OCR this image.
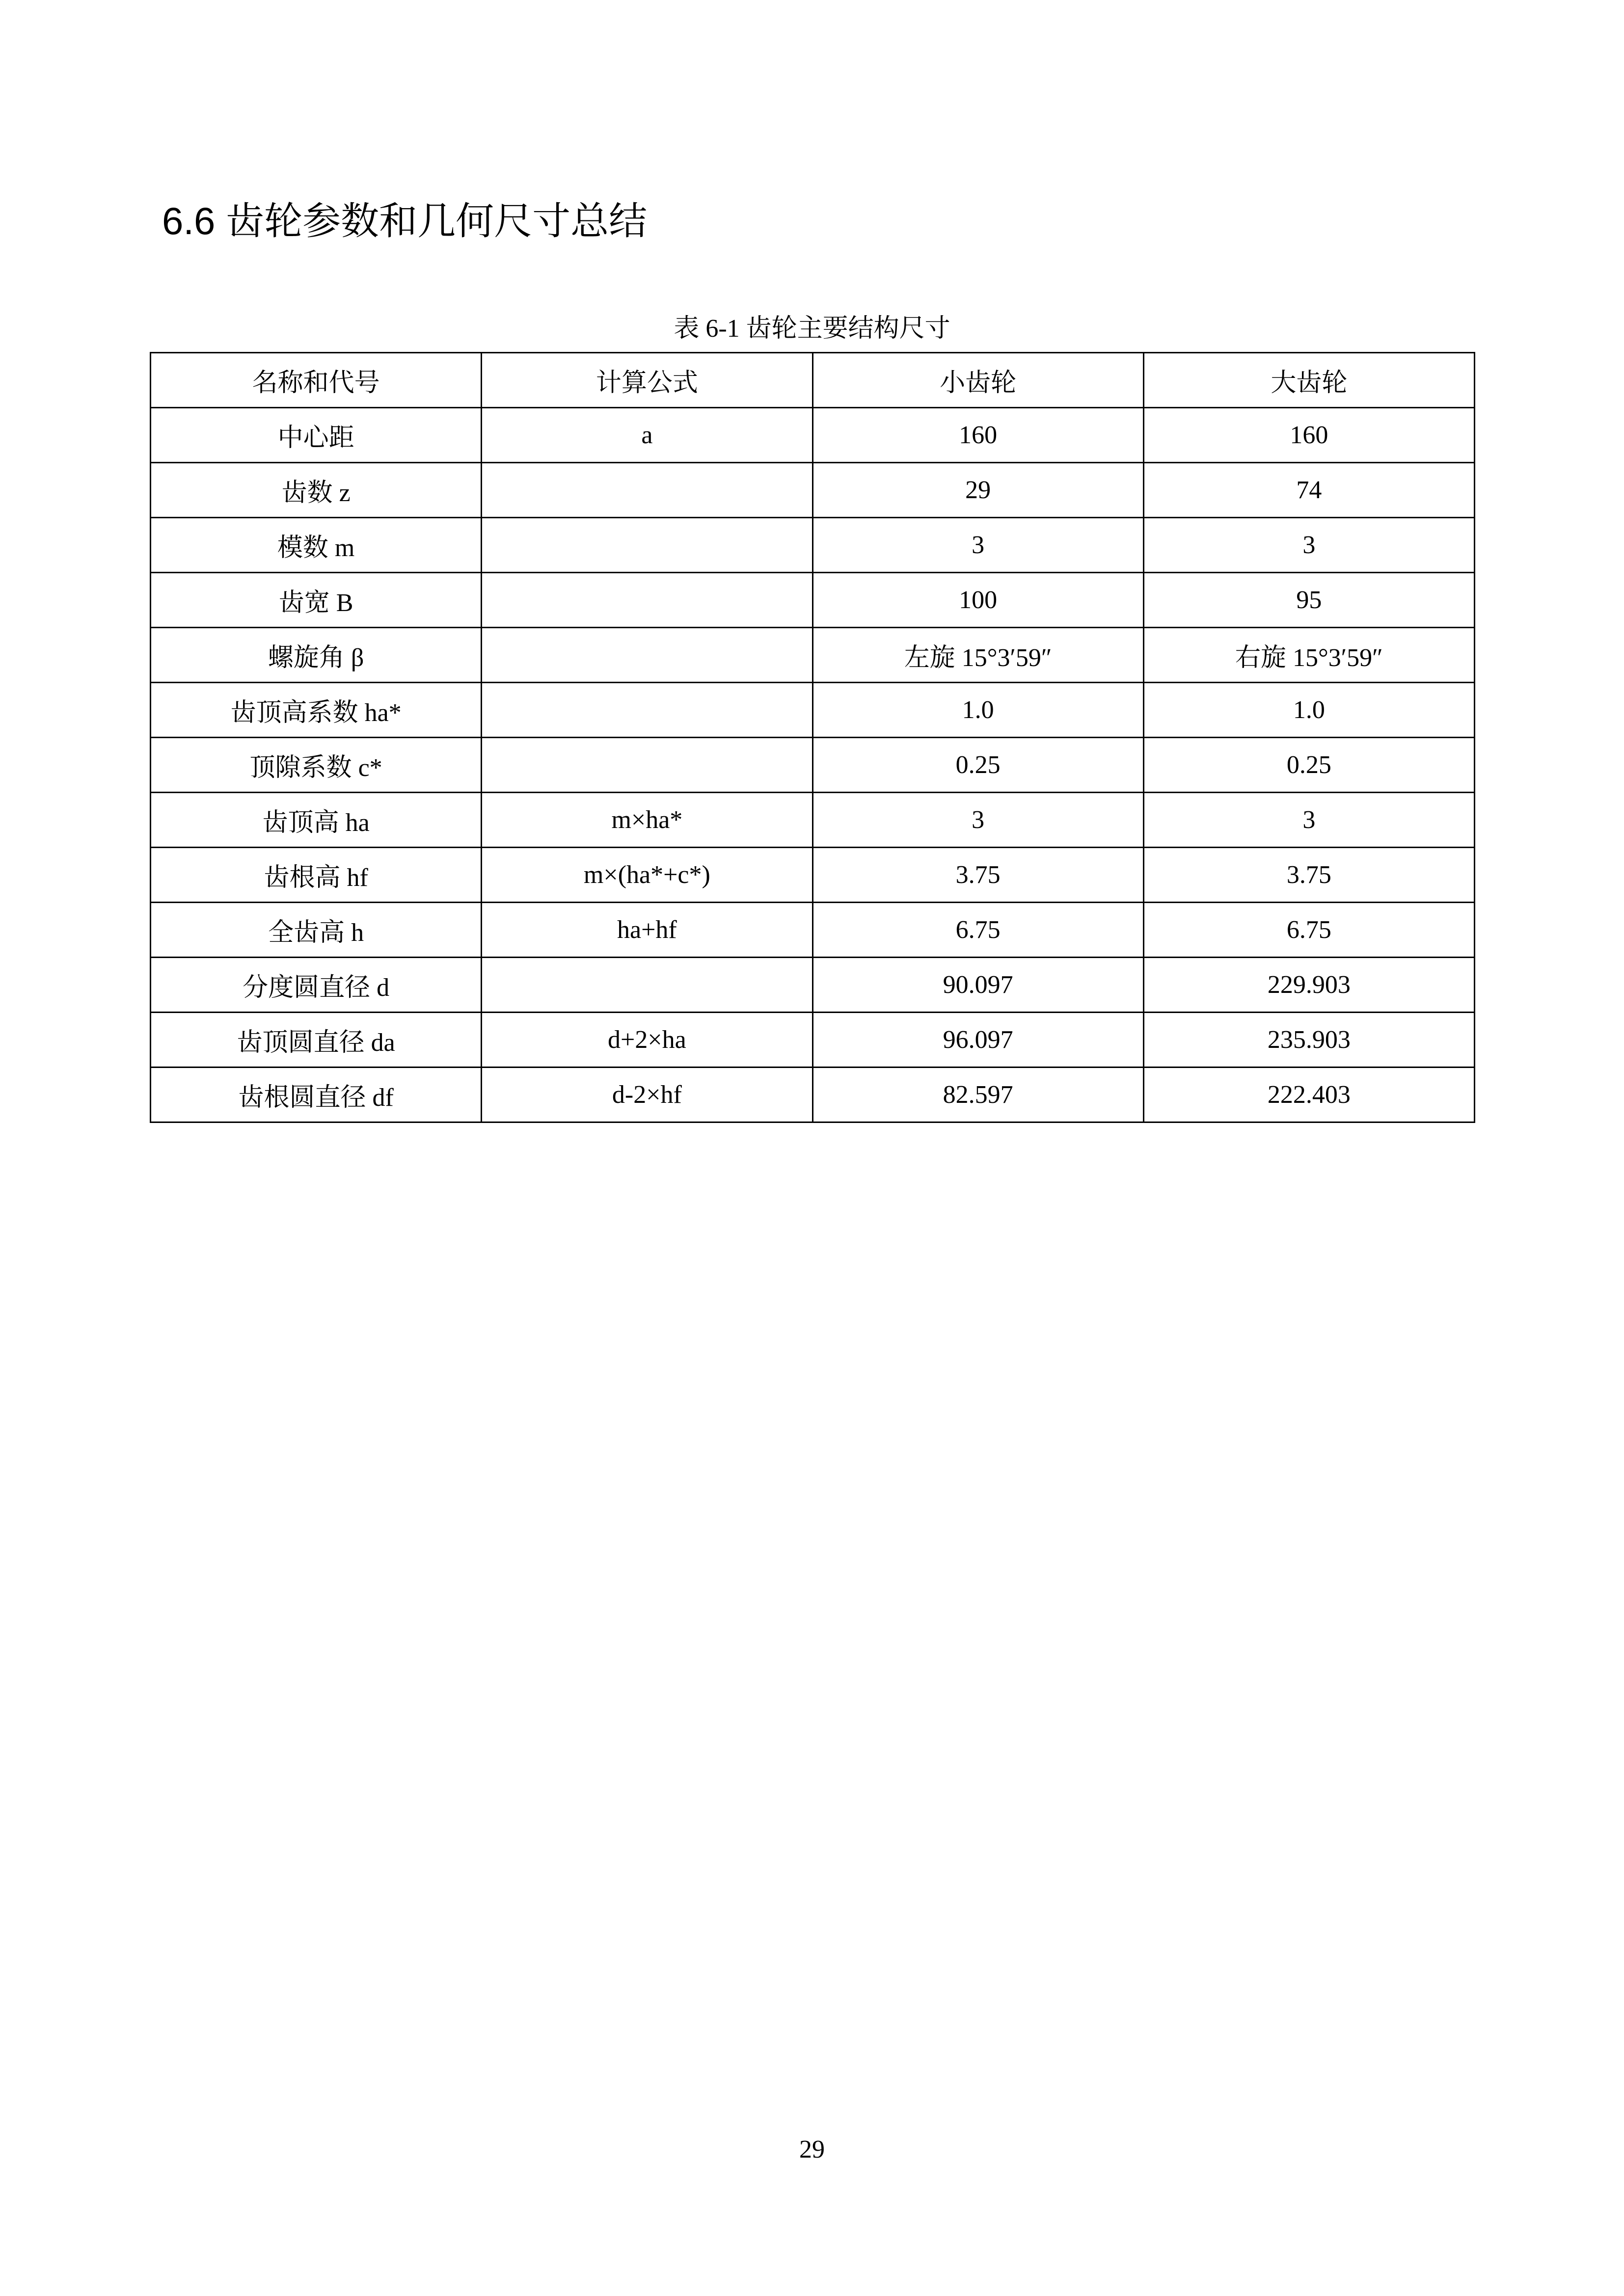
6.6 齿轮参数和几何尺寸总结
表 6-1 齿轮主要结构尺寸
名称和代号	计算公式	小齿轮	大齿轮
中心距	a	160	160
齿数 z		29	74
模数 m		3	3
齿宽 B		100	95
螺旋角 β		左旋 15°3′59″	右旋 15°3′59″
齿顶高系数 ha*		1.0	1.0
顶隙系数 c*		0.25	0.25
齿顶高 ha	m×ha*	3	3
齿根高 hf	m×(ha*+c*)	3.75	3.75
全齿高 h	ha+hf	6.75	6.75
分度圆直径 d		90.097	229.903
齿顶圆直径 da	d+2×ha	96.097	235.903
齿根圆直径 df	d-2×hf	82.597	222.403
29
